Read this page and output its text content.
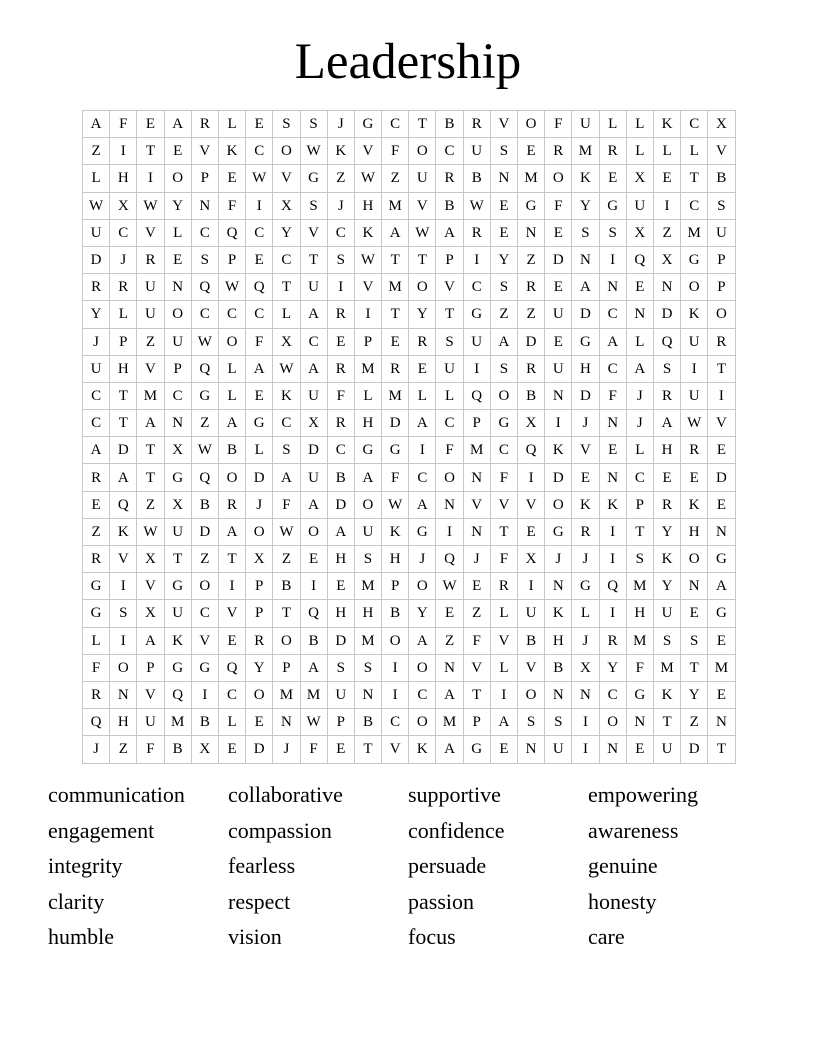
Leadership
A	F	E	A	R	L	E	S	S	J	G	C	T	B	R	V	O	F	U	L	L	K	C	X
Z	I	T	E	V	K	C	O	W	K	V	F	O	C	U	S	E	R	M	R	L	L	L	V
L	H	I	O	P	E	W	V	G	Z	W	Z	U	R	B	N	M	O	K	E	X	E	T	B
W	X	W	Y	N	F	I	X	S	J	H	M	V	B	W	E	G	F	Y	G	U	I	C	S
U	C	V	L	C	Q	C	Y	V	C	K	A	W	A	R	E	N	E	S	S	X	Z	M	U
D	J	R	E	S	P	E	C	T	S	W	T	T	P	I	Y	Z	D	N	I	Q	X	G	P
R	R	U	N	Q	W	Q	T	U	I	V	M	O	V	C	S	R	E	A	N	E	N	O	P
Y	L	U	O	C	C	C	L	A	R	I	T	Y	T	G	Z	Z	U	D	C	N	D	K	O
J	P	Z	U	W	O	F	X	C	E	P	E	R	S	U	A	D	E	G	A	L	Q	U	R
U	H	V	P	Q	L	A	W	A	R	M	R	E	U	I	S	R	U	H	C	A	S	I	T
C	T	M	C	G	L	E	K	U	F	L	M	L	L	Q	O	B	N	D	F	J	R	U	I
C	T	A	N	Z	A	G	C	X	R	H	D	A	C	P	G	X	I	J	N	J	A	W	V
A	D	T	X	W	B	L	S	D	C	G	G	I	F	M	C	Q	K	V	E	L	H	R	E
R	A	T	G	Q	O	D	A	U	B	A	F	C	O	N	F	I	D	E	N	C	E	E	D
E	Q	Z	X	B	R	J	F	A	D	O	W	A	N	V	V	V	O	K	K	P	R	K	E
Z	K	W	U	D	A	O	W	O	A	U	K	G	I	N	T	E	G	R	I	T	Y	H	N
R	V	X	T	Z	T	X	Z	E	H	S	H	J	Q	J	F	X	J	J	I	S	K	O	G
G	I	V	G	O	I	P	B	I	E	M	P	O	W	E	R	I	N	G	Q	M	Y	N	A
G	S	X	U	C	V	P	T	Q	H	H	B	Y	E	Z	L	U	K	L	I	H	U	E	G
L	I	A	K	V	E	R	O	B	D	M	O	A	Z	F	V	B	H	J	R	M	S	S	E
F	O	P	G	G	Q	Y	P	A	S	S	I	O	N	V	L	V	B	X	Y	F	M	T	M
R	N	V	Q	I	C	O	M	M	U	N	I	C	A	T	I	O	N	N	C	G	K	Y	E
Q	H	U	M	B	L	E	N	W	P	B	C	O	M	P	A	S	S	I	O	N	T	Z	N
J	Z	F	B	X	E	D	J	F	E	T	V	K	A	G	E	N	U	I	N	E	U	D	T
communication collaborative	supportive	empowering
engagement	compassion	confidence	awareness
integrity	fearless	persuade	genuine
clarity	respect	passion	honesty
humble	vision	focus	care
